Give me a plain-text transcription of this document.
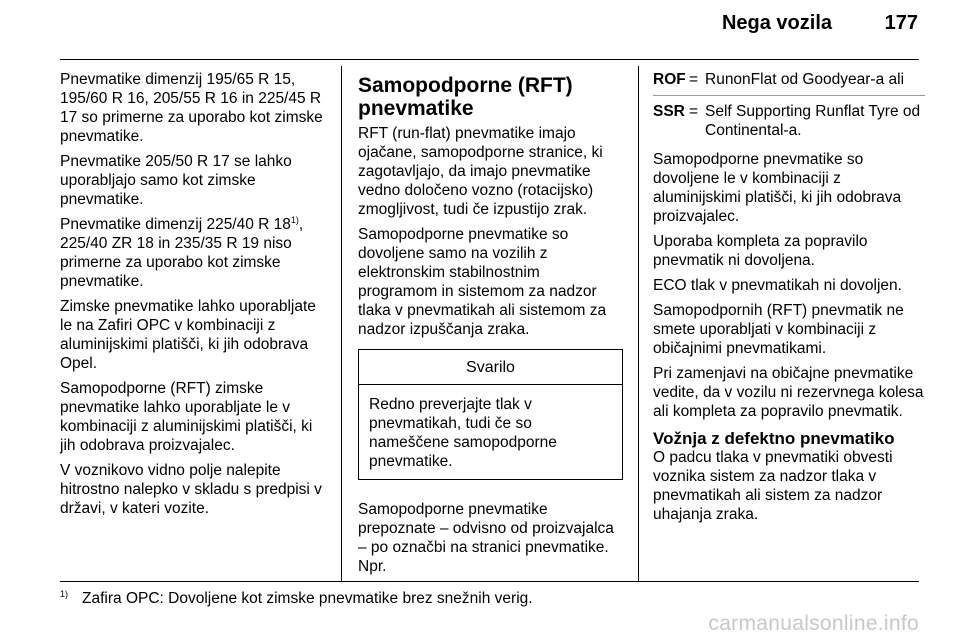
Nega vozila	177

Pnevmatike dimenzij 195/65 R 15, 195/60 R 16, 205/55 R 16 in 225/45 R 17 so primerne za uporabo kot zimske pnevmatike.

Pnevmatike 205/50 R 17 se lahko uporabljajo samo kot zimske pnevmatike.

Pnevmatike dimenzij 225/40 R 18$^{1)}$, 225/40 ZR 18 in 235/35 R 19 niso primerne za uporabo kot zimske pnevmatike.

Zimske pnevmatike lahko uporabljate le na Zafiri OPC v kombinaciji z aluminijskimi platišči, ki jih odobrava Opel.

Samopodporne (RFT) zimske pnevmatike lahko uporabljate le v kombinaciji z aluminijskimi platišči, ki jih odobrava proizvajalec.

V voznikovo vidno polje nalepite hitrostno nalepko v skladu s predpisi v državi, v kateri vozite.

Samopodporne (RFT) pnevmatike

RFT (run-flat) pnevmatike imajo ojačane, samopodporne stranice, ki zagotavljajo, da imajo pnevmatike vedno določeno vozno (rotacijsko) zmogljivost, tudi če izpustijo zrak.

Samopodporne pnevmatike so dovoljene samo na vozilih z elektronskim stabilnostnim programom in sistemom za nadzor tlaka v pnevmatikah ali sistemom za nadzor izpuščanja zraka.

Svarilo
Redno preverjajte tlak v pnevmatikah, tudi če so nameščene samopodporne pnevmatike.

Samopodporne pnevmatike prepoznate – odvisno od proizvajalca – po označbi na stranici pnevmatike. Npr.

ROF = RunonFlat od Goodyear-a ali
SSR = Self Supporting Runflat Tyre od Continental-a.

Samopodporne pnevmatike so dovoljene le v kombinaciji z aluminijskimi platišči, ki jih odobrava proizvajalec.

Uporaba kompleta za popravilo pnevmatik ni dovoljena.

ECO tlak v pnevmatikah ni dovoljen.

Samopodpornih (RFT) pnevmatik ne smete uporabljati v kombinaciji z običajnimi pnevmatikami.

Pri zamenjavi na običajne pnevmatike vedite, da v vozilu ni rezervnega kolesa ali kompleta za popravilo pnevmatik.

Vožnja z defektno pnevmatiko

O padcu tlaka v pnevmatiki obvesti voznika sistem za nadzor tlaka v pnevmatikah ali sistem za nadzor uhajanja zraka.

$^{1)}$ Zafira OPC: Dovoljene kot zimske pnevmatike brez snežnih verig.
carmanualsonline.info
